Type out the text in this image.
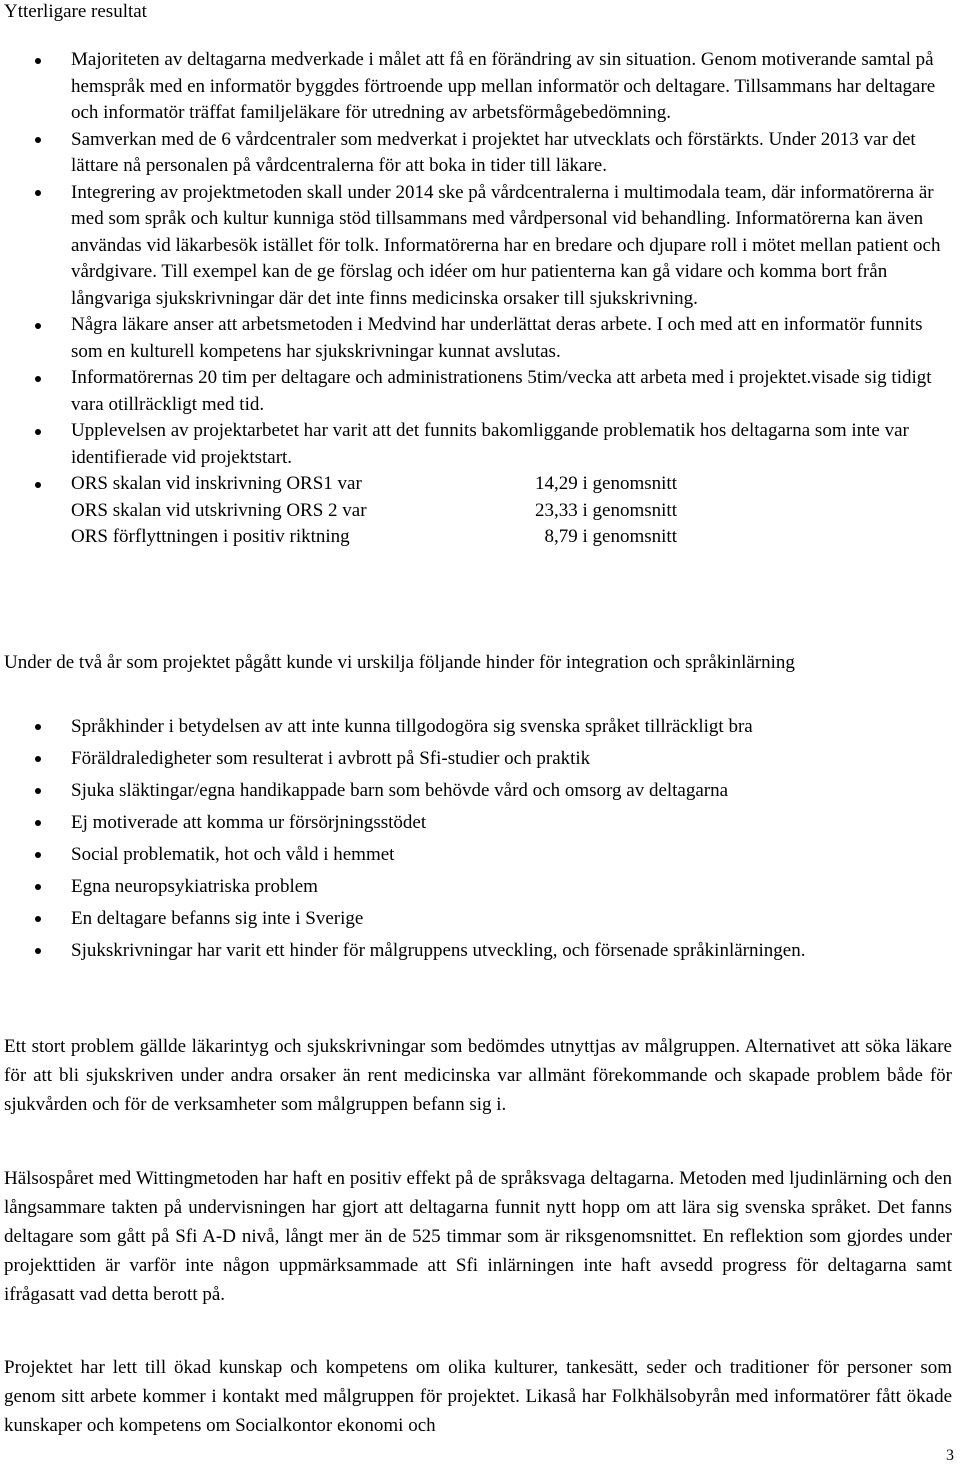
Ytterligare resultat
Majoriteten av deltagarna medverkade i målet att få en förändring av sin situation. Genom motiverande samtal på hemspråk med en informatör byggdes förtroende upp mellan informatör och deltagare. Tillsammans har deltagare och informatör träffat familjeläkare för utredning av arbetsförmågebedömning.
Samverkan med de 6 vårdcentraler som medverkat i projektet har utvecklats och förstärkts. Under 2013 var det lättare nå personalen på vårdcentralerna för att boka in tider till läkare.
Integrering av projektmetoden skall under 2014 ske på vårdcentralerna i multimodala team, där informatörerna är med som språk och kultur kunniga stöd tillsammans med vårdpersonal vid behandling. Informatörerna kan även användas vid läkarbesök istället för tolk. Informatörerna har en bredare och djupare roll i mötet mellan patient och vårdgivare. Till exempel kan de ge förslag och idéer om hur patienterna kan gå vidare och komma bort från långvariga sjukskrivningar där det inte finns medicinska orsaker till sjukskrivning.
Några läkare anser att arbetsmetoden i Medvind har underlättat deras arbete. I och med att en informatör funnits som en kulturell kompetens har sjukskrivningar kunnat avslutas.
Informatörernas 20 tim per deltagare och administrationens 5tim/vecka att arbeta med i projektet.visade sig tidigt vara otillräckligt med tid.
Upplevelsen av projektarbetet har varit att det funnits bakomliggande problematik hos deltagarna som inte var identifierade vid projektstart.
ORS skalan vid inskrivning ORS1 var	14,29 i genomsnitt
ORS skalan vid utskrivning ORS 2 var	23,33 i genomsnitt
ORS förflyttningen i positiv riktning	8,79 i genomsnitt

Under de två år som projektet pågått kunde vi urskilja följande hinder för integration och språkinlärning

Språkhinder i betydelsen av att inte kunna tillgodogöra sig svenska språket tillräckligt bra
Föräldraledigheter som resulterat i avbrott på Sfi-studier och praktik
Sjuka släktingar/egna handikappade barn som behövde vård och omsorg av deltagarna
Ej motiverade att komma ur försörjningsstödet
Social problematik, hot och våld i hemmet
Egna neuropsykiatriska problem
En deltagare befanns sig inte i Sverige
Sjukskrivningar har varit ett hinder för målgruppens utveckling, och försenade språkinlärningen.

Ett stort problem gällde läkarintyg och sjukskrivningar som bedömdes utnyttjas av målgruppen. Alternativet att söka läkare för att bli sjukskriven under andra orsaker än rent medicinska var allmänt förekommande och skapade problem både för sjukvården och för de verksamheter som målgruppen befann sig i.

Hälsospåret med Wittingmetoden har haft en positiv effekt på de språksvaga deltagarna. Metoden med ljudinlärning och den långsammare takten på undervisningen har gjort att deltagarna funnit nytt hopp om att lära sig svenska språket. Det fanns deltagare som gått på Sfi A-D nivå, långt mer än de 525 timmar som är riksgenomsnittet. En reflektion som gjordes under projekttiden är varför inte någon uppmärksammade att Sfi inlärningen inte haft avsedd progress för deltagarna samt ifrågasatt vad detta berott på.

Projektet har lett till ökad kunskap och kompetens om olika kulturer, tankesätt, seder och traditioner för personer som genom sitt arbete kommer i kontakt med målgruppen för projektet. Likaså har Folkhälsobyrån med informatörer fått ökade kunskaper och kompetens om Socialkontor ekonomi och

3
